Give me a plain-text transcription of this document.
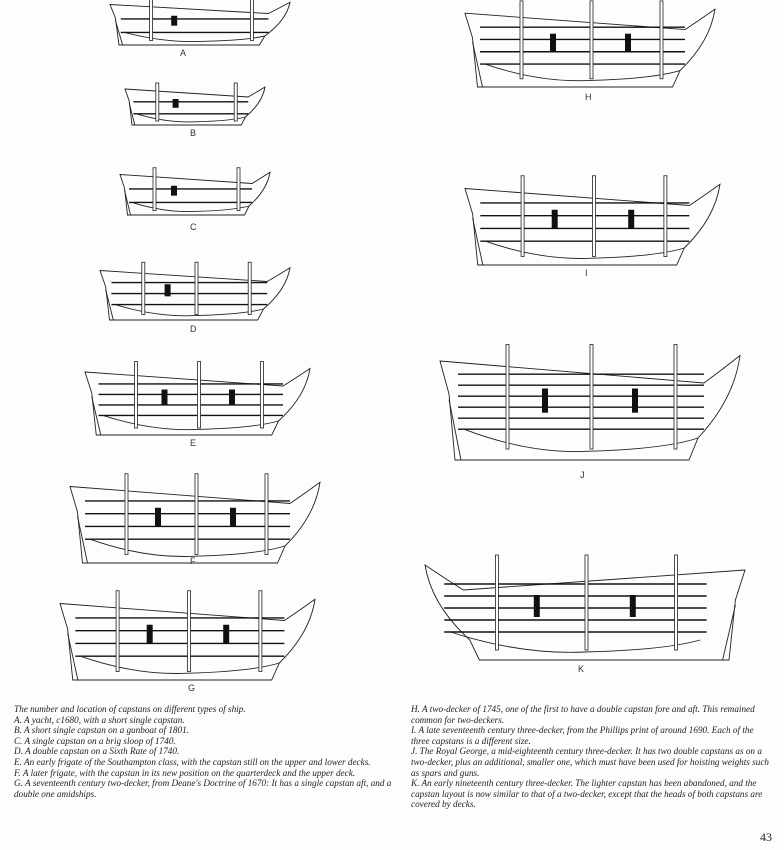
A
B
C
D
E
F
G
H
I
J
K

The number and location of capstans on different types of ship.

A. A yacht, c1680, with a short single capstan.

B. A short single capstan on a gunboat of 1801.

C. A single capstan on a brig sloop of 1740.

D. A double capstan on a Sixth Rate of 1740.

E. An early frigate of the Southampton class, with the capstan still on the upper and lower decks.

F. A later frigate, with the capstan in its new position on the quarterdeck and the upper deck.

G. A seventeenth century two-decker, from Deane's Doctrine of 1670: It has a single capstan aft, and a double one amidships.

H. A two-decker of 1745, one of the first to have a double capstan fore and aft. This remained common for two-deckers.

I. A late seventeenth century three-decker, from the Phillips print of around 1690. Each of the three capstans is a different size.

J. The Royal George, a mid-eighteenth century three-decker. It has two double capstans as on a two-decker, plus an additional, smaller one, which must have been used for hoisting weights such as spars and guns.

K. An early nineteenth century three-decker. The lighter capstan has been abandoned, and the capstan layout is now similar to that of a two-decker, except that the heads of both capstans are covered by decks.

43
